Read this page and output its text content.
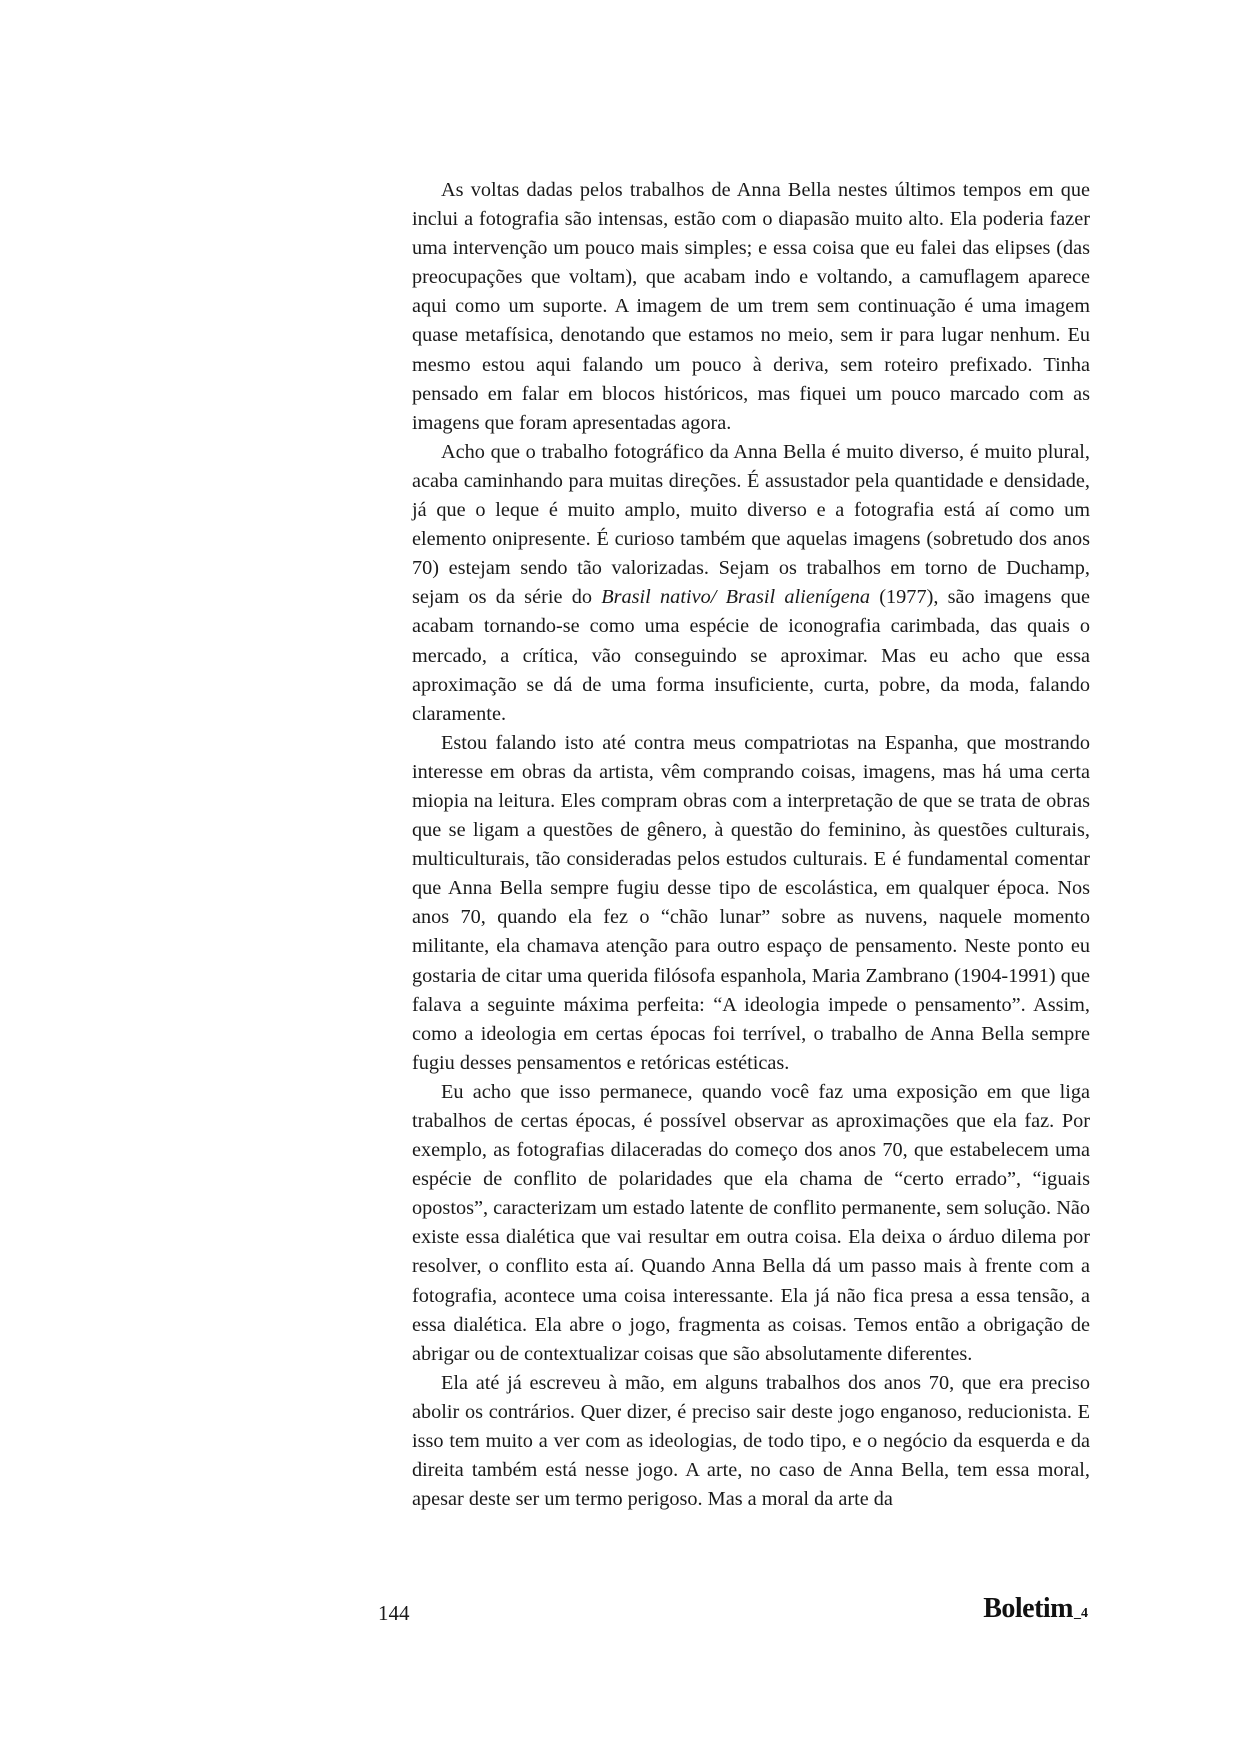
As voltas dadas pelos trabalhos de Anna Bella nestes últimos tempos em que inclui a fotografia são intensas, estão com o diapasão muito alto. Ela poderia fazer uma intervenção um pouco mais simples; e essa coisa que eu falei das elipses (das preocupações que voltam), que acabam indo e voltando, a camuflagem aparece aqui como um suporte. A imagem de um trem sem continuação é uma imagem quase metafísica, denotando que estamos no meio, sem ir para lugar nenhum. Eu mesmo estou aqui falando um pouco à deriva, sem roteiro prefixado. Tinha pensado em falar em blocos históricos, mas fiquei um pouco marcado com as imagens que foram apresentadas agora.

Acho que o trabalho fotográfico da Anna Bella é muito diverso, é muito plural, acaba caminhando para muitas direções. É assustador pela quantidade e densidade, já que o leque é muito amplo, muito diverso e a fotografia está aí como um elemento onipresente. É curioso também que aquelas imagens (sobretudo dos anos 70) estejam sendo tão valorizadas. Sejam os trabalhos em torno de Duchamp, sejam os da série do Brasil nativo/ Brasil alienígena (1977), são imagens que acabam tornando-se como uma espécie de iconografia carimbada, das quais o mercado, a crítica, vão conseguindo se aproximar. Mas eu acho que essa aproximação se dá de uma forma insuficiente, curta, pobre, da moda, falando claramente.

Estou falando isto até contra meus compatriotas na Espanha, que mostrando interesse em obras da artista, vêm comprando coisas, imagens, mas há uma certa miopia na leitura. Eles compram obras com a interpretação de que se trata de obras que se ligam a questões de gênero, à questão do feminino, às questões culturais, multiculturais, tão consideradas pelos estudos culturais. E é fundamental comentar que Anna Bella sempre fugiu desse tipo de escolástica, em qualquer época. Nos anos 70, quando ela fez o “chão lunar” sobre as nuvens, naquele momento militante, ela chamava atenção para outro espaço de pensamento. Neste ponto eu gostaria de citar uma querida filósofa espanhola, Maria Zambrano (1904-1991) que falava a seguinte máxima perfeita: “A ideologia impede o pensamento”. Assim, como a ideologia em certas épocas foi terrível, o trabalho de Anna Bella sempre fugiu desses pensamentos e retóricas estéticas.

Eu acho que isso permanece, quando você faz uma exposição em que liga trabalhos de certas épocas, é possível observar as aproximações que ela faz. Por exemplo, as fotografias dilaceradas do começo dos anos 70, que estabelecem uma espécie de conflito de polaridades que ela chama de “certo errado”, “iguais opostos”, caracterizam um estado latente de conflito permanente, sem solução. Não existe essa dialética que vai resultar em outra coisa. Ela deixa o árduo dilema por resolver, o conflito esta aí. Quando Anna Bella dá um passo mais à frente com a fotografia, acontece uma coisa interessante. Ela já não fica presa a essa tensão, a essa dialética. Ela abre o jogo, fragmenta as coisas. Temos então a obrigação de abrigar ou de contextualizar coisas que são absolutamente diferentes.

Ela até já escreveu à mão, em alguns trabalhos dos anos 70, que era preciso abolir os contrários. Quer dizer, é preciso sair deste jogo enganoso, reducionista. E isso tem muito a ver com as ideologias, de todo tipo, e o negócio da esquerda e da direita também está nesse jogo. A arte, no caso de Anna Bella, tem essa moral, apesar deste ser um termo perigoso. Mas a moral da arte da

144	Boletim_4
